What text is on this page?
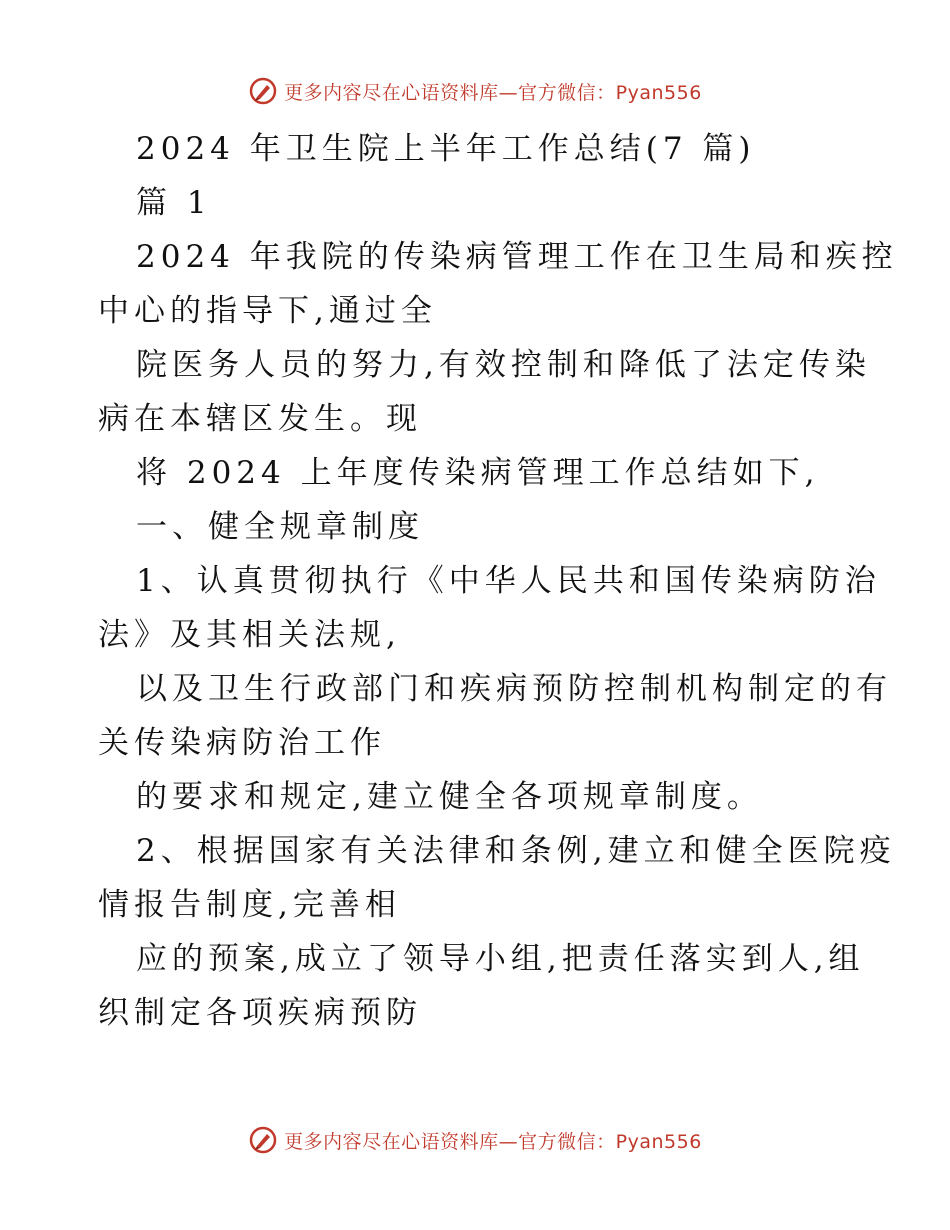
更多内容尽在心语资料库—官方微信：Pyan556
2024 年卫生院上半年工作总结(7 篇)
篇 1
2024 年我院的传染病管理工作在卫生局和疾控
中心的指导下,通过全
院医务人员的努力,有效控制和降低了法定传染
病在本辖区发生。现
将 2024 上年度传染病管理工作总结如下,
一、健全规章制度
1、认真贯彻执行《中华人民共和国传染病防治
法》及其相关法规,
以及卫生行政部门和疾病预防控制机构制定的有
关传染病防治工作
的要求和规定,建立健全各项规章制度。
2、根据国家有关法律和条例,建立和健全医院疫
情报告制度,完善相
应的预案,成立了领导小组,把责任落实到人,组
织制定各项疾病预防
更多内容尽在心语资料库—官方微信：Pyan556
